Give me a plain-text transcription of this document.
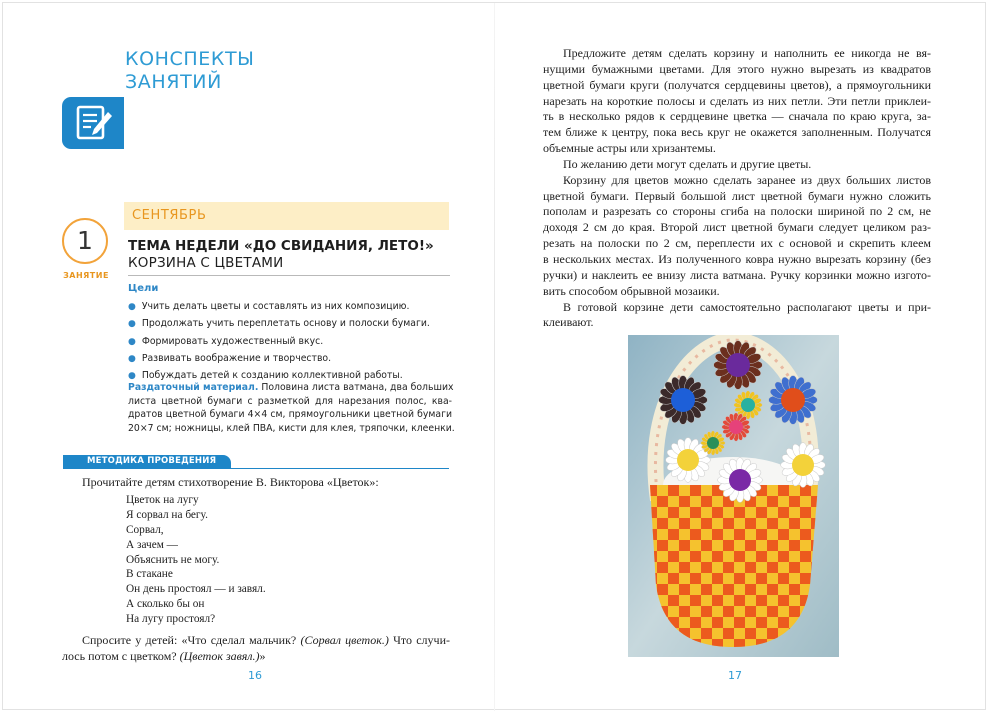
КОНСПЕКТЫ
ЗАНЯТИЙ
СЕНТЯБРЬ
1
ЗАНЯТИЕ
ТЕМА НЕДЕЛИ «ДО СВИДАНИЯ, ЛЕТО!»
КОРЗИНА С ЦВЕТАМИ
Цели
● Учить делать цветы и составлять из них композицию.
● Продолжать учить переплетать основу и полоски бумаги.
● Формировать художественный вкус.
● Развивать воображение и творчество.
● Побуждать детей к созданию коллективной работы.
Раздаточный материал. Половина листа ватмана, два больших
листа цветной бумаги с разметкой для нарезания полос, ква-
дратов цветной бумаги 4×4 см, прямоугольники цветной бумаги
20×7 см; ножницы, клей ПВА, кисти для клея, тряпочки, клеенки.
МЕТОДИКА ПРОВЕДЕНИЯ
Прочитайте детям стихотворение В. Викторова «Цветок»:
Цветок на лугу
Я сорвал на бегу.
Сорвал,
А зачем —
Объяснить не могу.
В стакане
Он день простоял — и завял.
А сколько бы он
На лугу простоял?
Спросите у детей: «Что сделал мальчик? (Сорвал цветок.) Что случи-
лось потом с цветком? (Цветок завял.)»
16
Предложите детям сделать корзину и наполнить ее никогда не вя-
нущими бумажными цветами. Для этого нужно вырезать из квадратов
цветной бумаги круги (получатся сердцевины цветов), а прямоугольники
нарезать на короткие полосы и сделать из них петли. Эти петли приклеи-
ть в несколько рядов к сердцевине цветка — сначала по краю круга, за-
тем ближе к центру, пока весь круг не окажется заполненным. Получатся
объемные астры или хризантемы.
По желанию дети могут сделать и другие цветы.
Корзину для цветов можно сделать заранее из двух больших листов
цветной бумаги. Первый большой лист цветной бумаги нужно сложить
пополам и разрезать со стороны сгиба на полоски шириной по 2 см, не
доходя 2 см до края. Второй лист цветной бумаги следует целиком раз-
резать на полоски по 2 см, переплести их с основой и скрепить клеем
в нескольких местах. Из полученного ковра нужно вырезать корзину (без
ручки) и наклеить ее внизу листа ватмана. Ручку корзинки можно изгото-
вить способом обрывной мозаики.
В готовой корзине дети самостоятельно располагают цветы и при-
клеивают.
17
